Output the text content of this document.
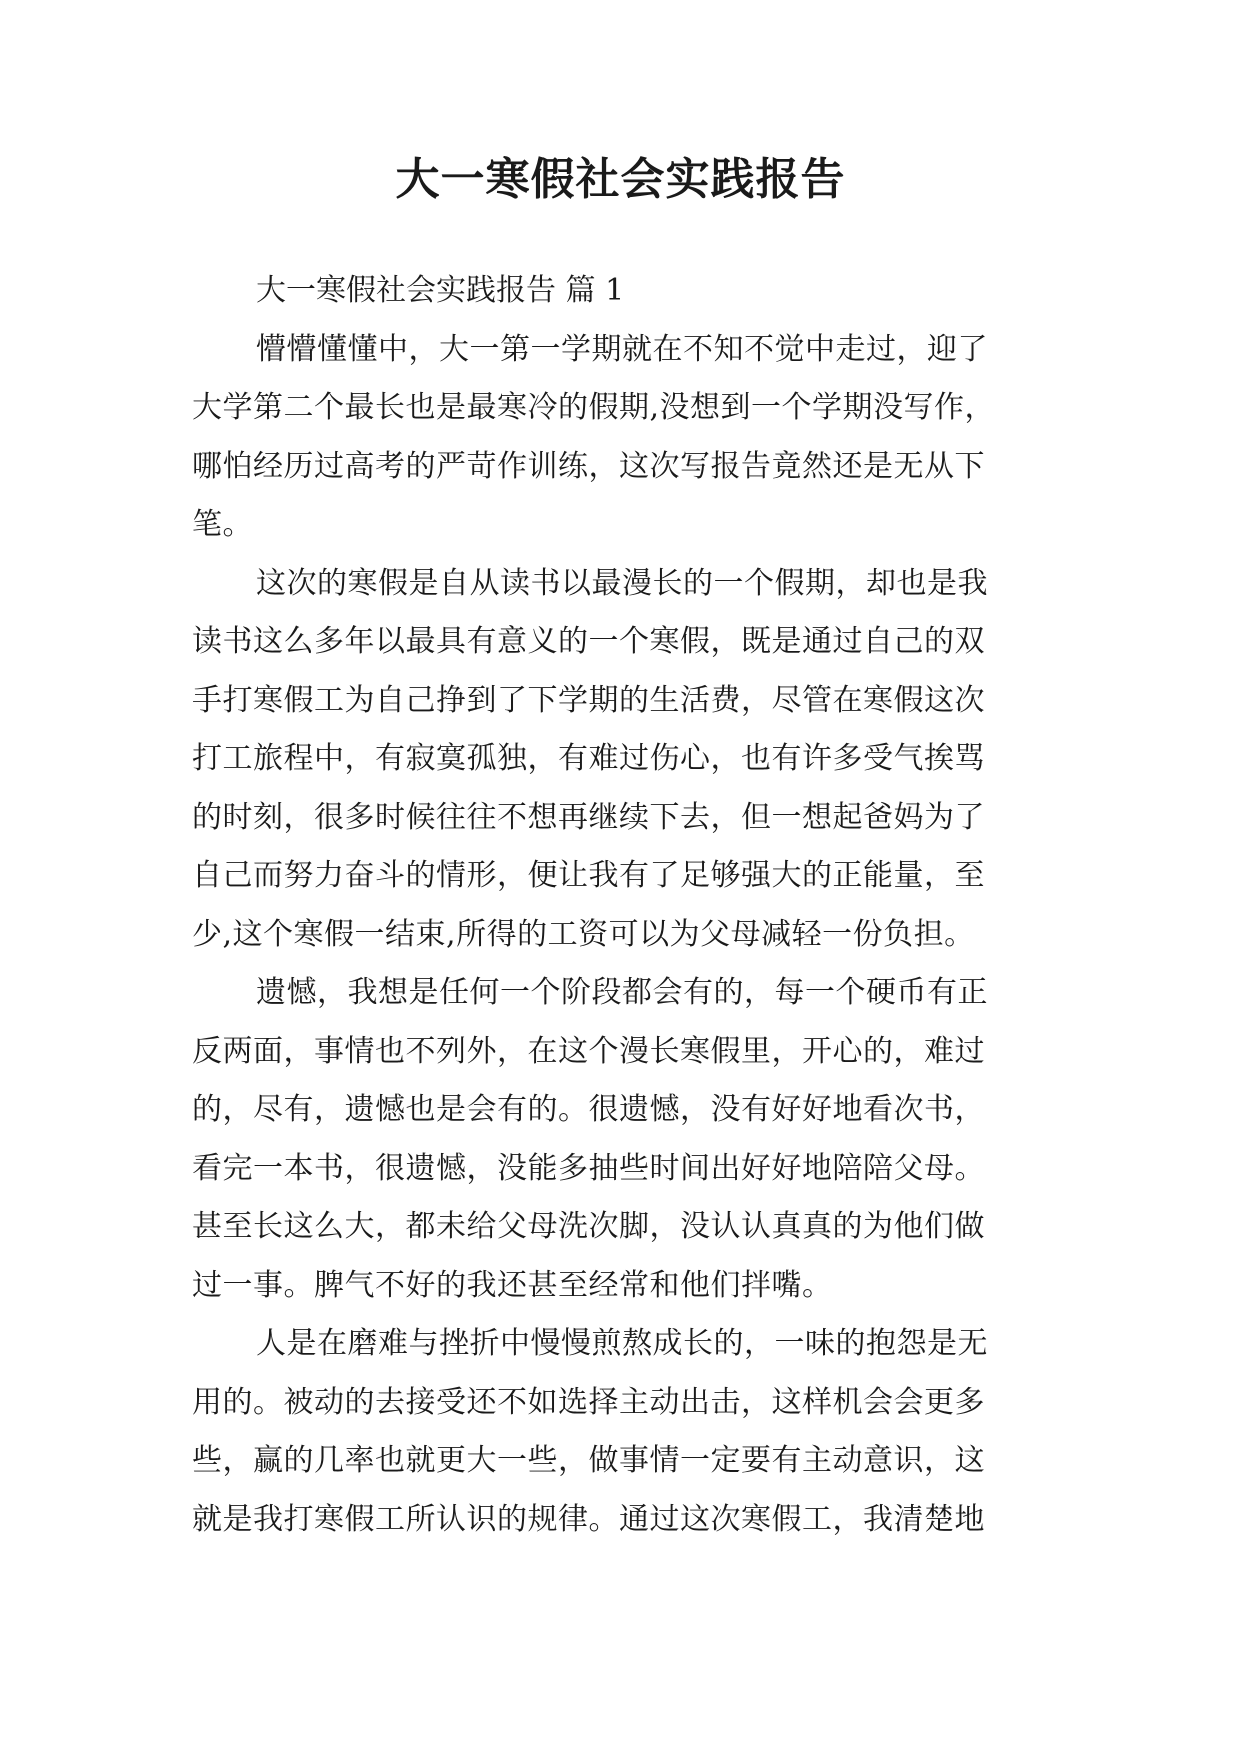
大一寒假社会实践报告

大一寒假社会实践报告 篇 1

懵懵懂懂中，大一第一学期就在不知不觉中走过，迎了
大学第二个最长也是最寒冷的假期,没想到一个学期没写作，
哪怕经历过高考的严苛作训练，这次写报告竟然还是无从下
笔。

这次的寒假是自从读书以最漫长的一个假期，却也是我
读书这么多年以最具有意义的一个寒假，既是通过自己的双
手打寒假工为自己挣到了下学期的生活费，尽管在寒假这次
打工旅程中，有寂寞孤独，有难过伤心，也有许多受气挨骂
的时刻，很多时候往往不想再继续下去，但一想起爸妈为了
自己而努力奋斗的情形，便让我有了足够强大的正能量，至
少,这个寒假一结束,所得的工资可以为父母减轻一份负担。

遗憾，我想是任何一个阶段都会有的，每一个硬币有正
反两面，事情也不列外，在这个漫长寒假里，开心的，难过
的，尽有，遗憾也是会有的。很遗憾，没有好好地看次书，
看完一本书，很遗憾，没能多抽些时间出好好地陪陪父母。
甚至长这么大，都未给父母洗次脚，没认认真真的为他们做
过一事。脾气不好的我还甚至经常和他们拌嘴。

人是在磨难与挫折中慢慢煎熬成长的，一味的抱怨是无
用的。被动的去接受还不如选择主动出击，这样机会会更多
些，赢的几率也就更大一些，做事情一定要有主动意识，这
就是我打寒假工所认识的规律。通过这次寒假工，我清楚地
